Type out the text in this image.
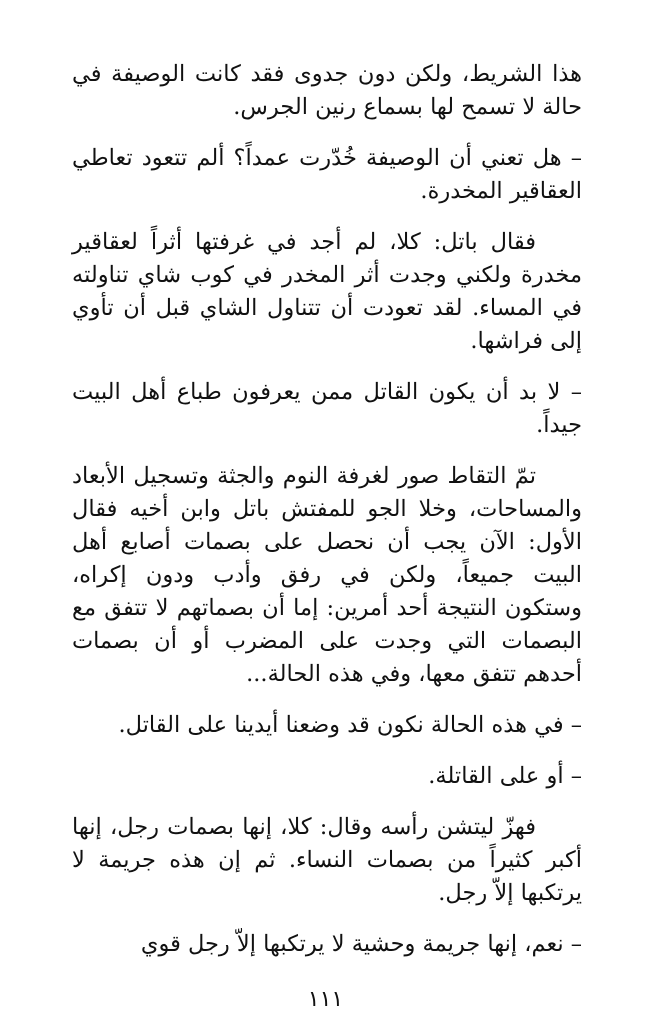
هذا الشريط، ولكن دون جدوى فقد كانت الوصيفة في حالة لا تسمح لها بسماع رنين الجرس.

– هل تعني أن الوصيفة خُدّرت عمداً؟ ألم تتعود تعاطي العقاقير المخدرة.

فقال باتل: كلا، لم أجد في غرفتها أثراً لعقاقير مخدرة ولكني وجدت أثر المخدر في كوب شاي تناولته في المساء. لقد تعودت أن تتناول الشاي قبل أن تأوي إلى فراشها.

– لا بد أن يكون القاتل ممن يعرفون طباع أهل البيت جيداً.

تمّ التقاط صور لغرفة النوم والجثة وتسجيل الأبعاد والمساحات، وخلا الجو للمفتش باتل وابن أخيه فقال الأول: الآن يجب أن نحصل على بصمات أصابع أهل البيت جميعاً، ولكن في رفق وأدب ودون إكراه، وستكون النتيجة أحد أمرين: إما أن بصماتهم لا تتفق مع البصمات التي وجدت على المضرب أو أن بصمات أحدهم تتفق معها، وفي هذه الحالة...

– في هذه الحالة نكون قد وضعنا أيدينا على القاتل.

– أو على القاتلة.

فهزّ ليتشن رأسه وقال: كلا، إنها بصمات رجل، إنها أكبر كثيراً من بصمات النساء. ثم إن هذه جريمة لا يرتكبها إلاّ رجل.

– نعم، إنها جريمة وحشية لا يرتكبها إلاّ رجل قوي

١١١
